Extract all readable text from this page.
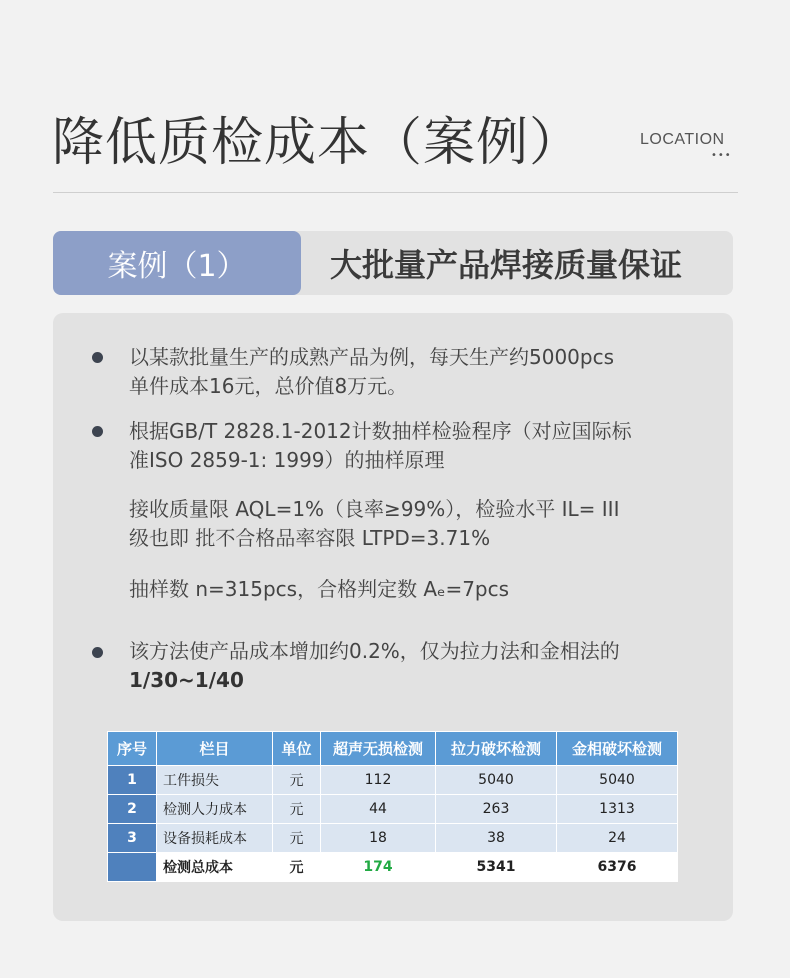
降低质检成本（案例）	LOCATION
•••
案例（1）	大批量产品焊接质量保证
以某款批量生产的成熟产品为例，每天生产约5000pcs
单件成本16元，总价值8万元。
根据GB/T 2828.1-2012计数抽样检验程序（对应国际标
准ISO 2859-1: 1999）的抽样原理
接收质量限 AQL=1%（良率≥99%），检验水平 IL= III
级也即 批不合格品率容限 LTPD=3.71%
抽样数 n=315pcs，合格判定数 Aₑ=7pcs
该方法使产品成本增加约0.2%，仅为拉力法和金相法的
1/30~1/40
序号	栏目	单位	超声无损检测	拉力破坏检测	金相破坏检测
1	工件损失	元	112	5040	5040
2	检测人力成本	元	44	263	1313
3	设备损耗成本	元	18	38	24
	检测总成本	元	174	5341	6376
